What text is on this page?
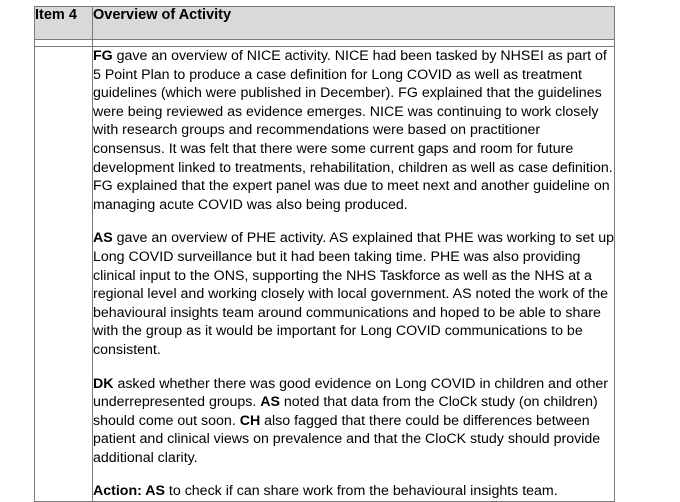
Item 4	Overview of Activity

	FG gave an overview of NICE activity. NICE had been tasked by NHSEI as part of 5 Point Plan to produce a case definition for Long COVID as well as treatment guidelines (which were published in December). FG explained that the guidelines were being reviewed as evidence emerges. NICE was continuing to work closely with research groups and recommendations were based on practitioner consensus. It was felt that there were some current gaps and room for future development linked to treatments, rehabilitation, children as well as case definition. FG explained that the expert panel was due to meet next and another guideline on managing acute COVID was also being produced.

AS gave an overview of PHE activity. AS explained that PHE was working to set up Long COVID surveillance but it had been taking time. PHE was also providing clinical input to the ONS, supporting the NHS Taskforce as well as the NHS at a regional level and working closely with local government. AS noted the work of the behavioural insights team around communications and hoped to be able to share with the group as it would be important for Long COVID communications to be consistent.

DK asked whether there was good evidence on Long COVID in children and other underrepresented groups. AS noted that data from the CloCk study (on children) should come out soon. CH also fagged that there could be differences between patient and clinical views on prevalence and that the CloCK study should provide additional clarity.

Action: AS to check if can share work from the behavioural insights team.
